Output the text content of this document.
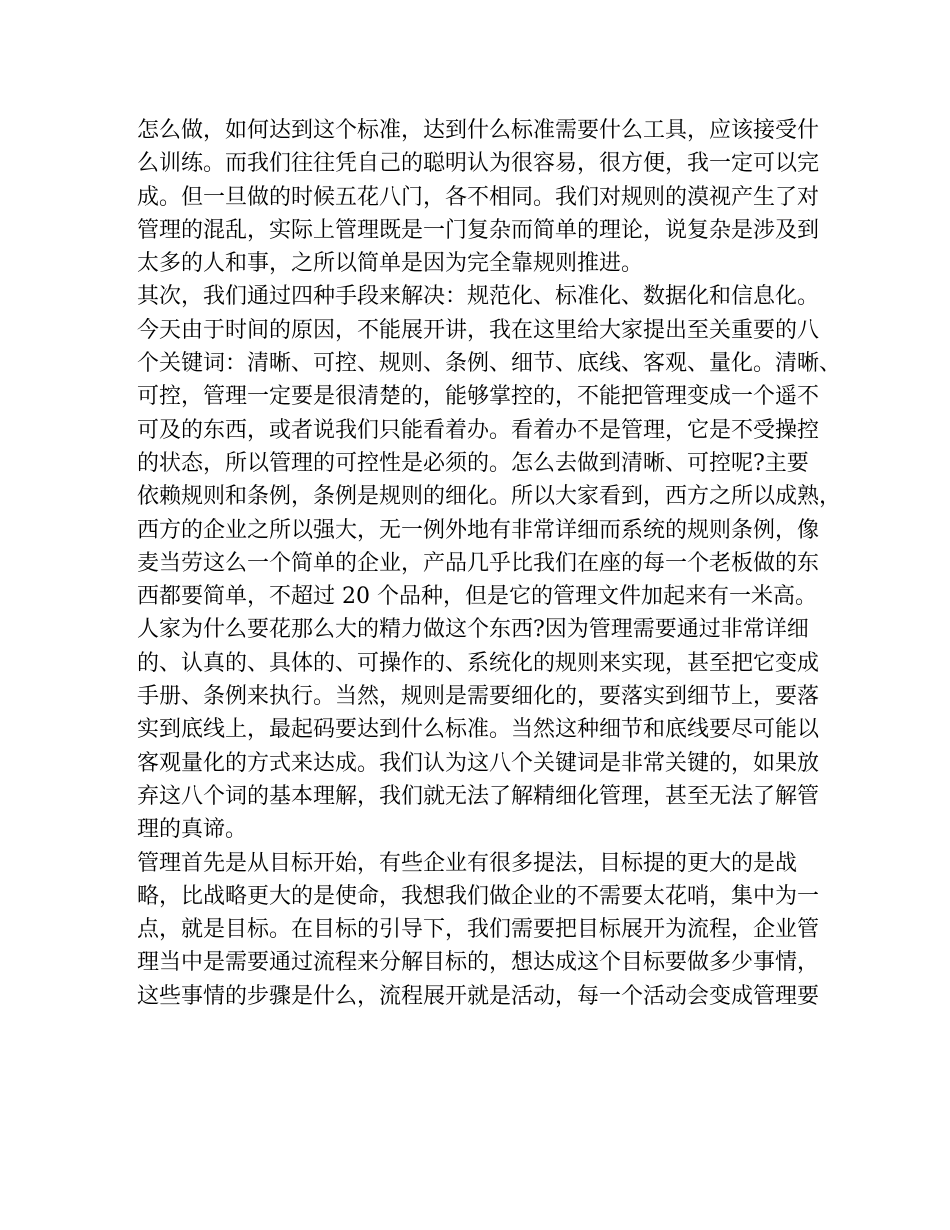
怎么做，如何达到这个标准，达到什么标准需要什么工具，应该接受什
么训练。而我们往往凭自己的聪明认为很容易，很方便，我一定可以完
成。但一旦做的时候五花八门，各不相同。我们对规则的漠视产生了对
管理的混乱，实际上管理既是一门复杂而简单的理论，说复杂是涉及到
太多的人和事，之所以简单是因为完全靠规则推进。
其次，我们通过四种手段来解决：规范化、标准化、数据化和信息化。
今天由于时间的原因，不能展开讲，我在这里给大家提出至关重要的八
个关键词：清晰、可控、规则、条例、细节、底线、客观、量化。清晰、
可控，管理一定要是很清楚的，能够掌控的，不能把管理变成一个遥不
可及的东西，或者说我们只能看着办。看着办不是管理，它是不受操控
的状态，所以管理的可控性是必须的。怎么去做到清晰、可控呢?主要
依赖规则和条例，条例是规则的细化。所以大家看到，西方之所以成熟，
西方的企业之所以强大，无一例外地有非常详细而系统的规则条例，像
麦当劳这么一个简单的企业，产品几乎比我们在座的每一个老板做的东
西都要简单，不超过 20 个品种，但是它的管理文件加起来有一米高。
人家为什么要花那么大的精力做这个东西?因为管理需要通过非常详细
的、认真的、具体的、可操作的、系统化的规则来实现，甚至把它变成
手册、条例来执行。当然，规则是需要细化的，要落实到细节上，要落
实到底线上，最起码要达到什么标准。当然这种细节和底线要尽可能以
客观量化的方式来达成。我们认为这八个关键词是非常关键的，如果放
弃这八个词的基本理解，我们就无法了解精细化管理，甚至无法了解管
理的真谛。
管理首先是从目标开始，有些企业有很多提法，目标提的更大的是战
略，比战略更大的是使命，我想我们做企业的不需要太花哨，集中为一
点，就是目标。在目标的引导下，我们需要把目标展开为流程，企业管
理当中是需要通过流程来分解目标的，想达成这个目标要做多少事情，
这些事情的步骤是什么，流程展开就是活动，每一个活动会变成管理要
